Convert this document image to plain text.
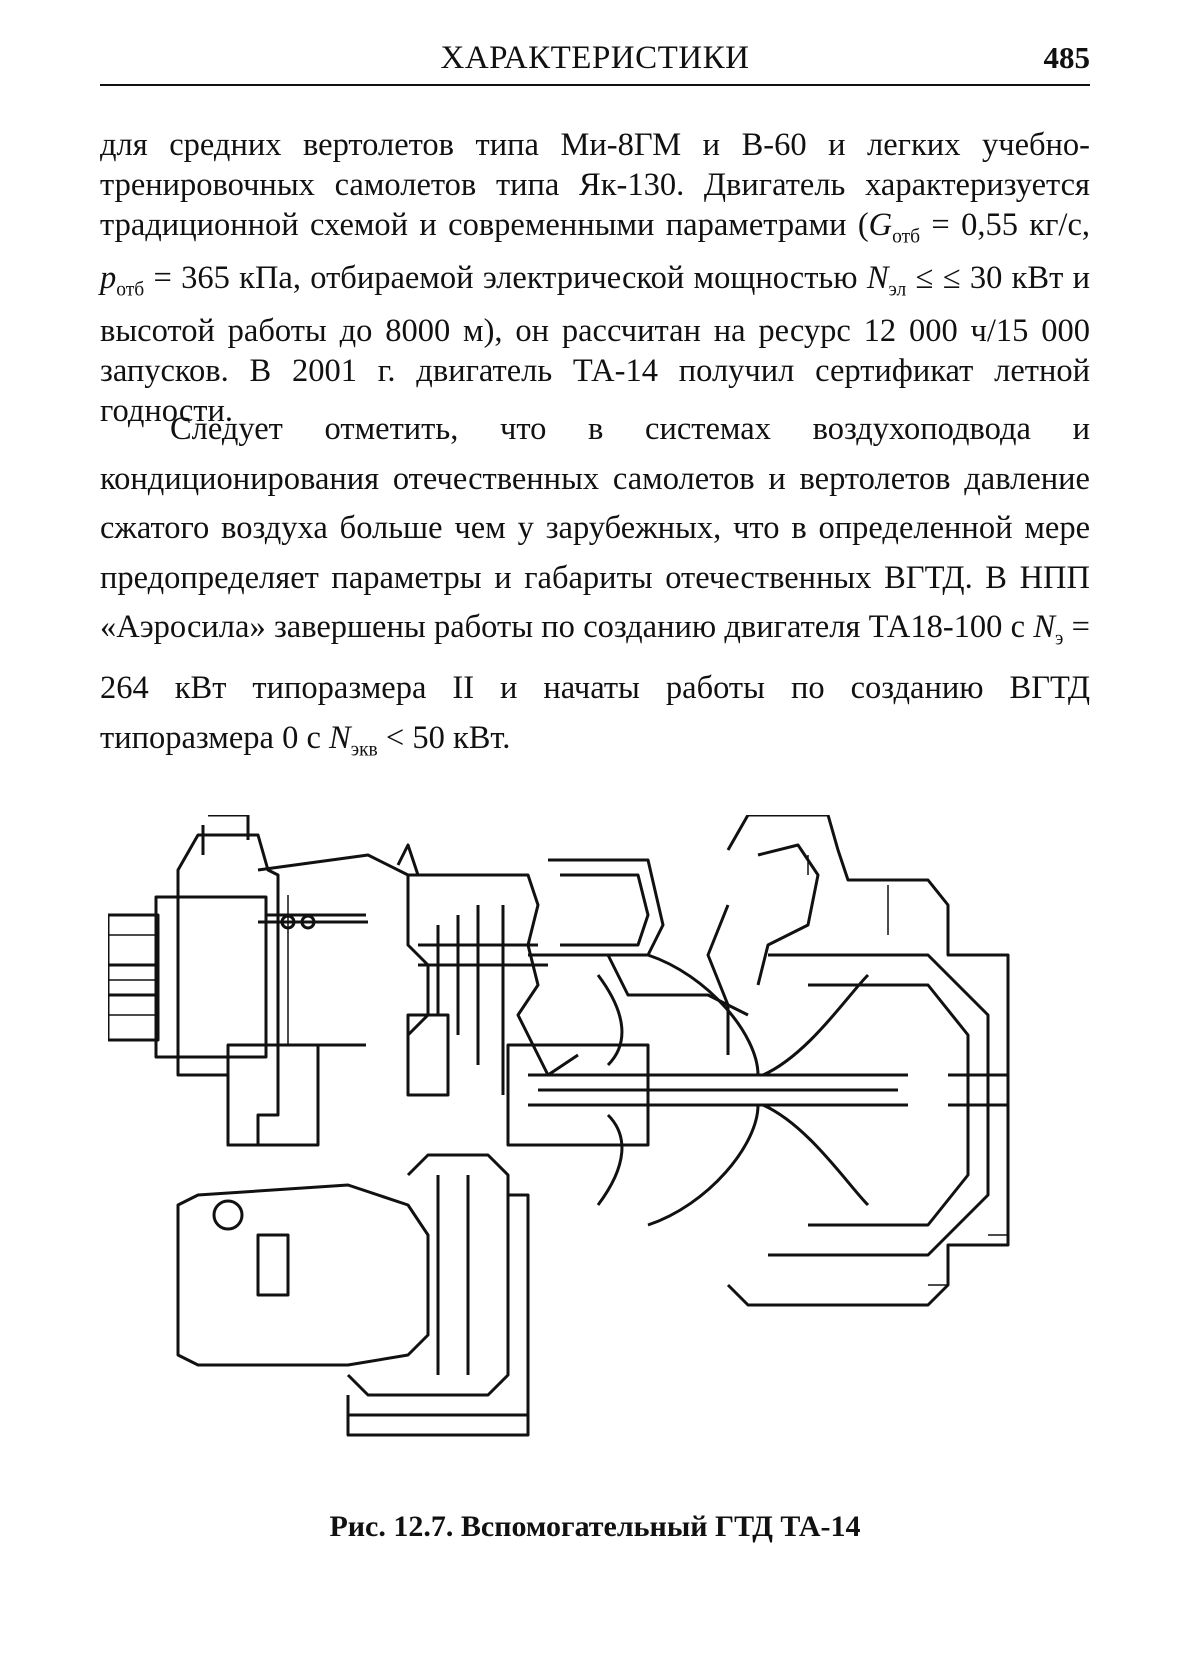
ХАРАКТЕРИСТИКИ	485

для средних вертолетов типа Ми-8ГМ и В-60 и легких учебно-тренировочных самолетов типа Як-130. Двигатель характеризуется традиционной схемой и современными параметрами ($G_{отб} = 0,55$ кг/с, $p_{отб} = 365$ кПа, отбираемой электрической мощностью $N_{эл}$ ≤ ≤ 30 кВт и высотой работы до 8000 м), он рассчитан на ресурс 12 000 ч/15 000 запусков. В 2001 г. двигатель ТА-14 получил сертификат летной годности.

Следует отметить, что в системах воздухоподвода и кондиционирования отечественных самолетов и вертолетов давление сжатого воздуха больше чем у зарубежных, что в определенной мере предопределяет параметры и габариты отечественных ВГТД. В НПП «Аэросила» завершены работы по созданию двигателя ТА18-100 с $N_э = 264$ кВт типоразмера II и начаты работы по созданию ВГТД типоразмера 0 с $N_{экв} < 50$ кВт.

Рис. 12.7. Вспомогательный ГТД ТА-14
